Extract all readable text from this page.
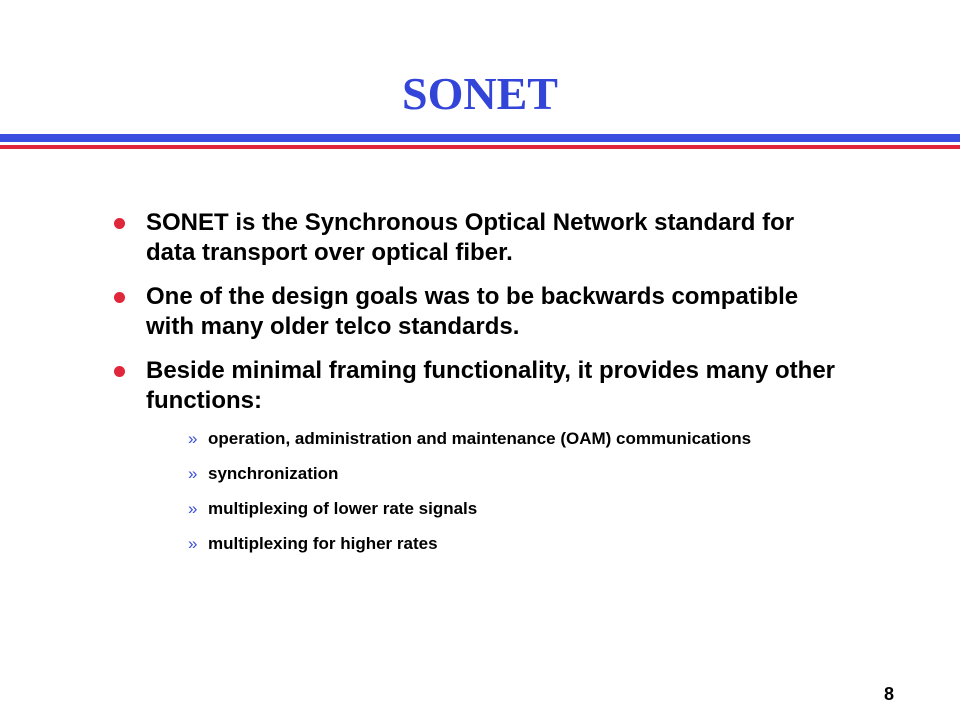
SONET
SONET is the Synchronous Optical Network standard for data transport over optical fiber.
One of the design goals was to be backwards compatible with many older telco standards.
Beside minimal framing functionality, it provides many other functions:
» operation, administration and maintenance (OAM) communications
» synchronization
» multiplexing of lower rate signals
» multiplexing for higher rates
8
